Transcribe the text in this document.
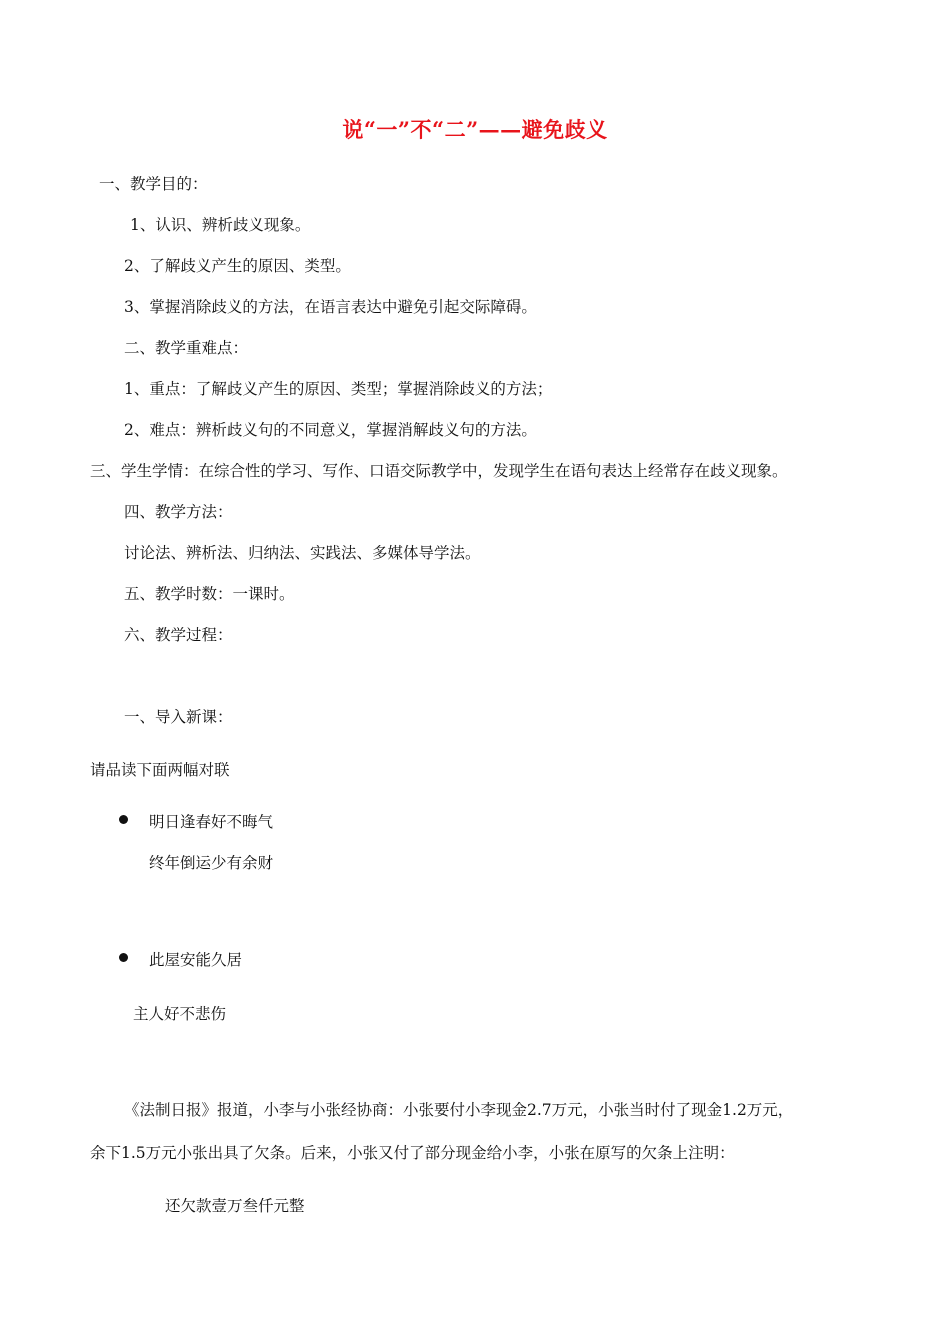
说“一”不“二”——避免歧义
一、教学目的：
1、认识、辨析歧义现象。
2、了解歧义产生的原因、类型。
3、掌握消除歧义的方法，在语言表达中避免引起交际障碍。
二、教学重难点：
1、重点：了解歧义产生的原因、类型；掌握消除歧义的方法；
2、难点：辨析歧义句的不同意义，掌握消解歧义句的方法。
三、学生学情：在综合性的学习、写作、口语交际教学中，发现学生在语句表达上经常存在歧义现象。
四、教学方法：
讨论法、辨析法、归纳法、实践法、多媒体导学法。
五、教学时数：一课时。
六、教学过程：
一、导入新课：
请品读下面两幅对联
明日逢春好不晦气
终年倒运少有余财
此屋安能久居
主人好不悲伤
《法制日报》报道，小李与小张经协商：小张要付小李现金2.7万元，小张当时付了现金1.2万元，
余下1.5万元小张出具了欠条。后来，小张又付了部分现金给小李，小张在原写的欠条上注明：
还欠款壹万叁仟元整
